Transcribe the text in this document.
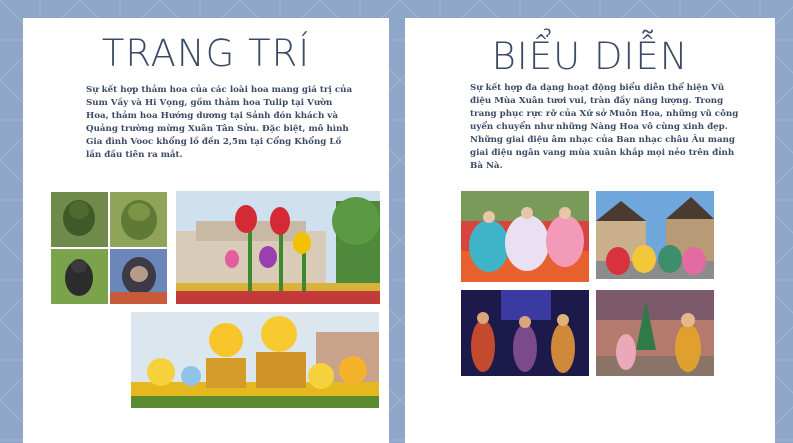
TRANG TRÍ

Sự kết hợp thảm hoa của các loài hoa mang giá trị của Sum Vầy và Hi Vọng, gồm thảm hoa Tulip tại Vườn Hoa, thảm hoa Hướng dương tại Sảnh đón khách và Quảng trường mừng Xuân Tân Sửu. Đặc biệt, mô hình Gia đình Vooc khổng lồ đến 2,5m tại Cổng Khổng Lồ lần đầu tiên ra mắt.

BIỂU DIỄN

Sự kết hợp đa dạng hoạt động biểu diễn thể hiện Vũ điệu Mùa Xuân tươi vui, tràn đầy năng lượng. Trong trang phục rực rỡ của Xứ sở Muôn Hoa, những vũ công uyển chuyển như những Nàng Hoa vô cùng xinh đẹp. Những giai điệu âm nhạc của Ban nhạc châu Âu mang giai điệu ngân vang mùa xuân khắp mọi nẻo trên đỉnh Bà Nà.
